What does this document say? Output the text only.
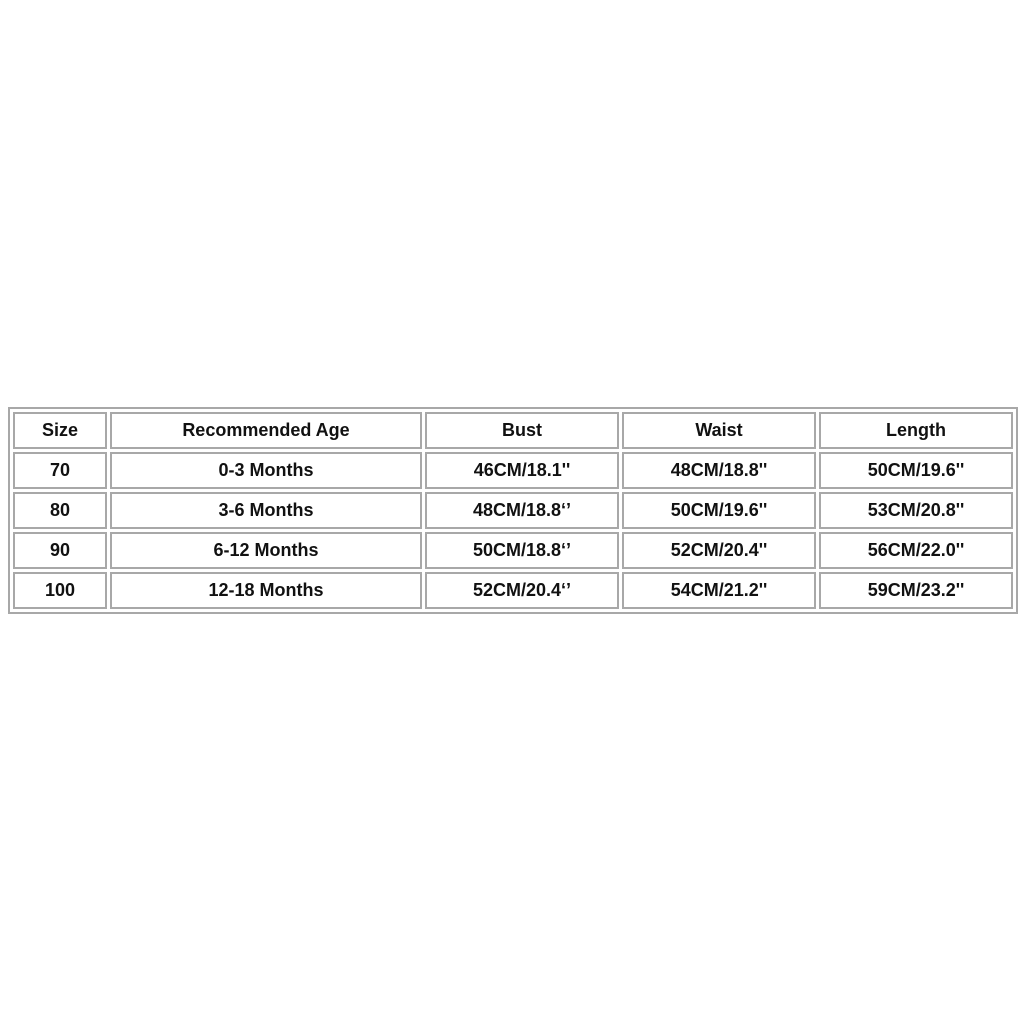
Size	Recommended Age	Bust	Waist	Length
70	0-3 Months	46CM/18.1''	48CM/18.8''	50CM/19.6''
80	3-6 Months	48CM/18.8‘’	50CM/19.6''	53CM/20.8''
90	6-12 Months	50CM/18.8‘’	52CM/20.4''	56CM/22.0''
100	12-18 Months	52CM/20.4‘’	54CM/21.2''	59CM/23.2''
